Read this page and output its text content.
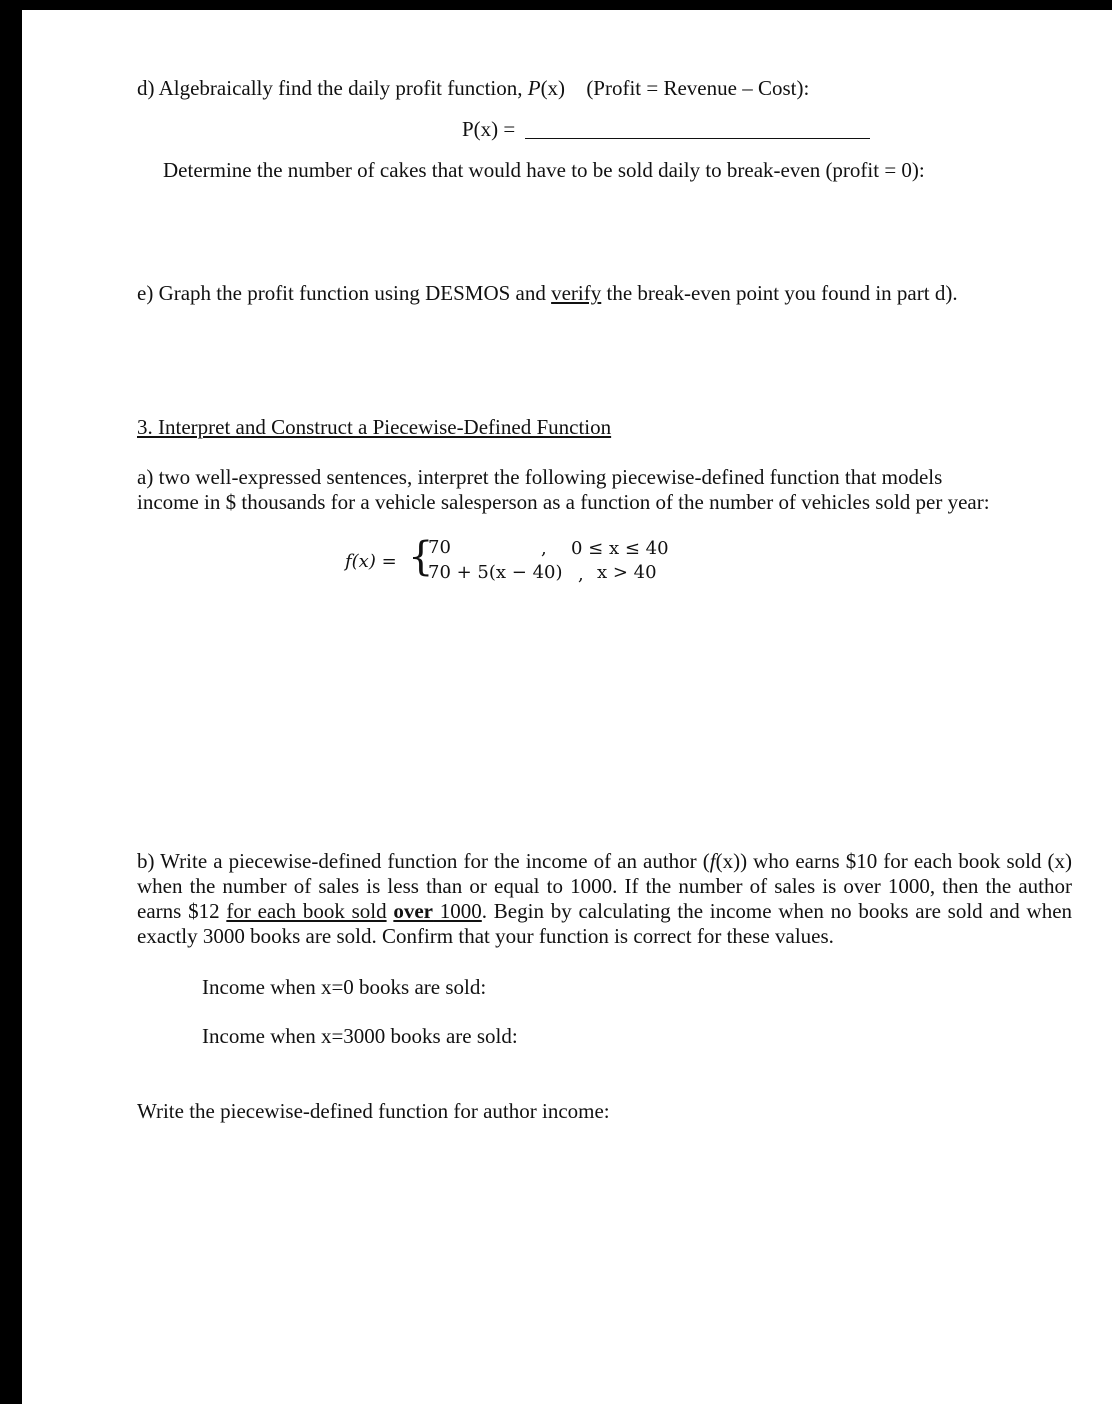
d) Algebraically find the daily profit function, P(x) (Profit = Revenue – Cost):
P(x) =
Determine the number of cakes that would have to be sold daily to break-even (profit = 0):
e) Graph the profit function using DESMOS and verify the break-even point you found in part d).
3. Interpret and Construct a Piecewise-Defined Function
a) two well-expressed sentences, interpret the following piecewise-defined function that models
income in $ thousands for a vehicle salesperson as a function of the number of vehicles sold per year:
f(x) = {
70	, 0 ≤ x ≤ 40
70 + 5(x − 40) , x > 40
b) Write a piecewise-defined function for the income of an author (f(x)) who earns $10 for each book sold (x) when the number of sales is less than or equal to 1000. If the number of sales is over 1000, then the author earns $12 for each book sold over 1000. Begin by calculating the income when no books are sold and when exactly 3000 books are sold. Confirm that your function is correct for these values.
Income when x=0 books are sold:
Income when x=3000 books are sold:
Write the piecewise-defined function for author income:
